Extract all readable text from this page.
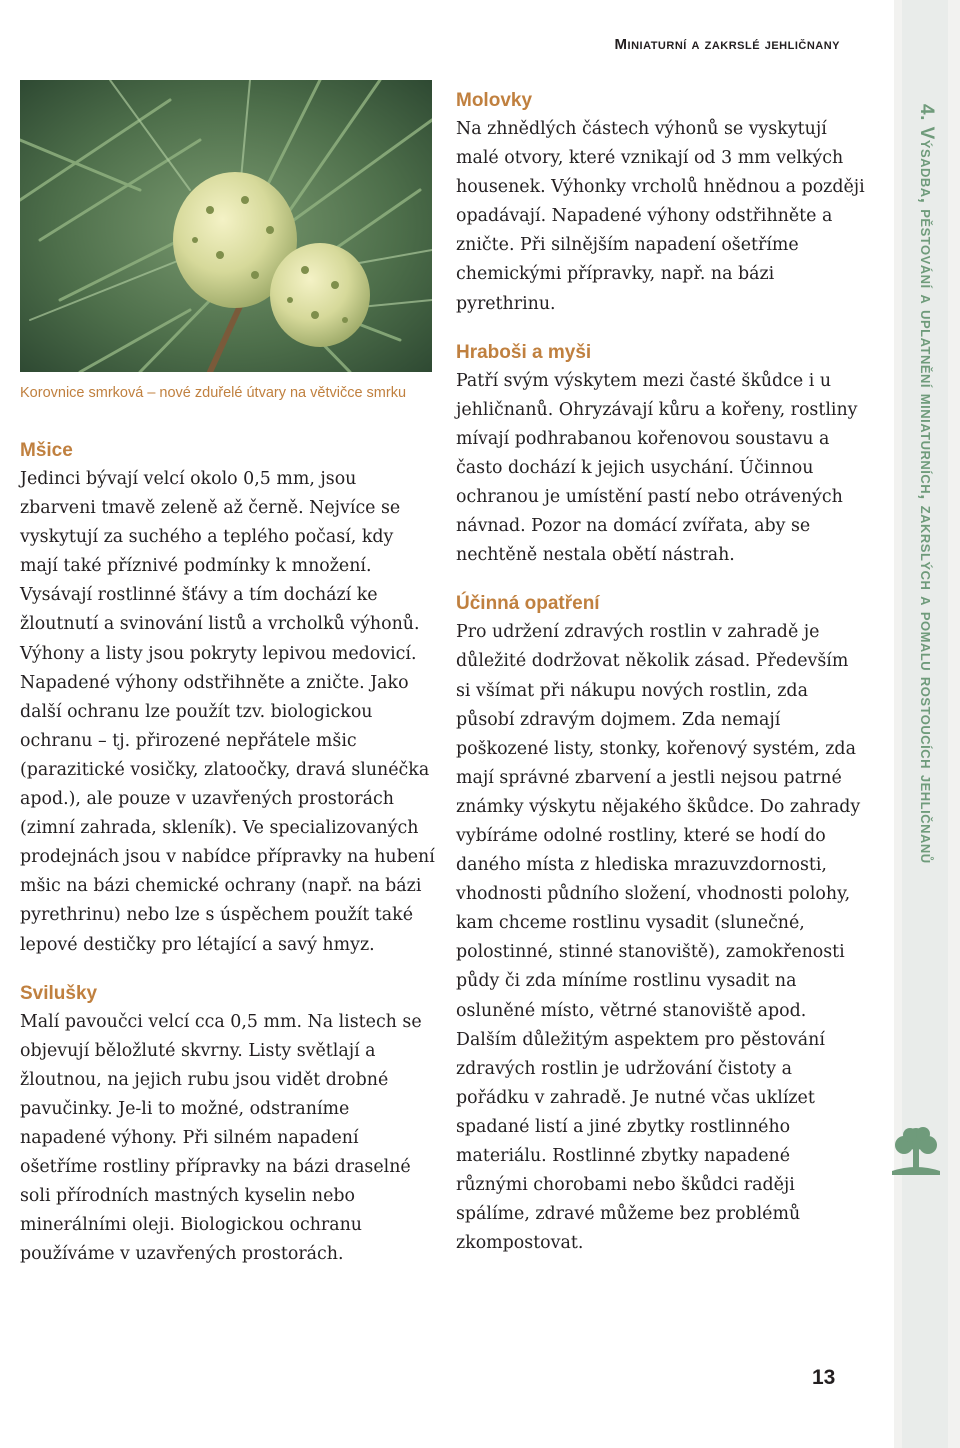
Miniaturní a zakrslé jehličnany
Korovnice smrková – nové zduřelé útvary na větvičce smrku
Mšice

Jedinci bývají velcí okolo 0,5 mm, jsou zbarveni tmavě zeleně až černě. Nejvíce se vyskytují za suchého a teplého počasí, kdy mají také příznivé podmínky k množení. Vysávají rostlinné šťávy a tím dochází ke žloutnutí a svinování listů a vrcholků výhonů. Výhony a listy jsou pokryty lepivou medovicí. Napadené výhony odstřihněte a zničte. Jako další ochranu lze použít tzv. biologickou ochranu – tj. přirozené nepřátele mšic (parazitické vosičky, zlatoočky, dravá slunéčka apod.), ale pouze v uzavřených prostorách (zimní zahrada, skleník). Ve specializovaných prodejnách jsou v nabídce přípravky na hubení mšic na bázi chemické ochrany (např. na bázi pyrethrinu) nebo lze s úspěchem použít také lepové destičky pro létající a savý hmyz.

Svilušky

Malí pavoučci velcí cca 0,5 mm. Na listech se objevují běložluté skvrny. Listy světlají a žloutnou, na jejich rubu jsou vidět drobné pavučinky. Je-li to možné, odstraníme napadené výhony. Při silném napadení ošetříme rostliny přípravky na bázi draselné soli přírodních mastných kyselin nebo minerálními oleji. Biologickou ochranu používáme v uzavřených prostorách.

Molovky

Na zhnědlých částech výhonů se vyskytují malé otvory, které vznikají od 3 mm velkých housenek. Výhonky vrcholů hnědnou a později opadávají. Napadené výhony odstřihněte a zničte. Při silnějším napadení ošetříme chemickými přípravky, např. na bázi pyrethrinu.

Hraboši a myši

Patří svým výskytem mezi časté škůdce i u jehličnanů. Ohryzávají kůru a kořeny, rostliny mívají podhrabanou kořenovou soustavu a často dochází k jejich usychání. Účinnou ochranou je umístění pastí nebo otrávených návnad. Pozor na domácí zvířata, aby se nechtěně nestala obětí nástrah.

Účinná opatření

Pro udržení zdravých rostlin v zahradě je důležité dodržovat několik zásad. Především si všímat při nákupu nových rostlin, zda působí zdravým dojmem. Zda nemají poškozené listy, stonky, kořenový systém, zda mají správné zbarvení a jestli nejsou patrné známky výskytu nějakého škůdce. Do zahrady vybíráme odolné rostliny, které se hodí do daného místa z hlediska mrazuvzdornosti, vhodnosti půdního složení, vhodnosti polohy, kam chceme rostlinu vysadit (slunečné, polostinné, stinné stanoviště), zamokřenosti půdy či zda míníme rostlinu vysadit na osluněné místo, větrné stanoviště apod. Dalším důležitým aspektem pro pěstování zdravých rostlin je udržování čistoty a pořádku v zahradě. Je nutné včas uklízet spadané listí a jiné zbytky rostlinného materiálu. Rostlinné zbytky napadené různými chorobami nebo škůdci raději spálíme, zdravé můžeme bez problémů zkompostovat.

4. Výsadba, pěstování a uplatnění miniaturních, zakrslých a pomalu rostoucích jehličnanů
13
